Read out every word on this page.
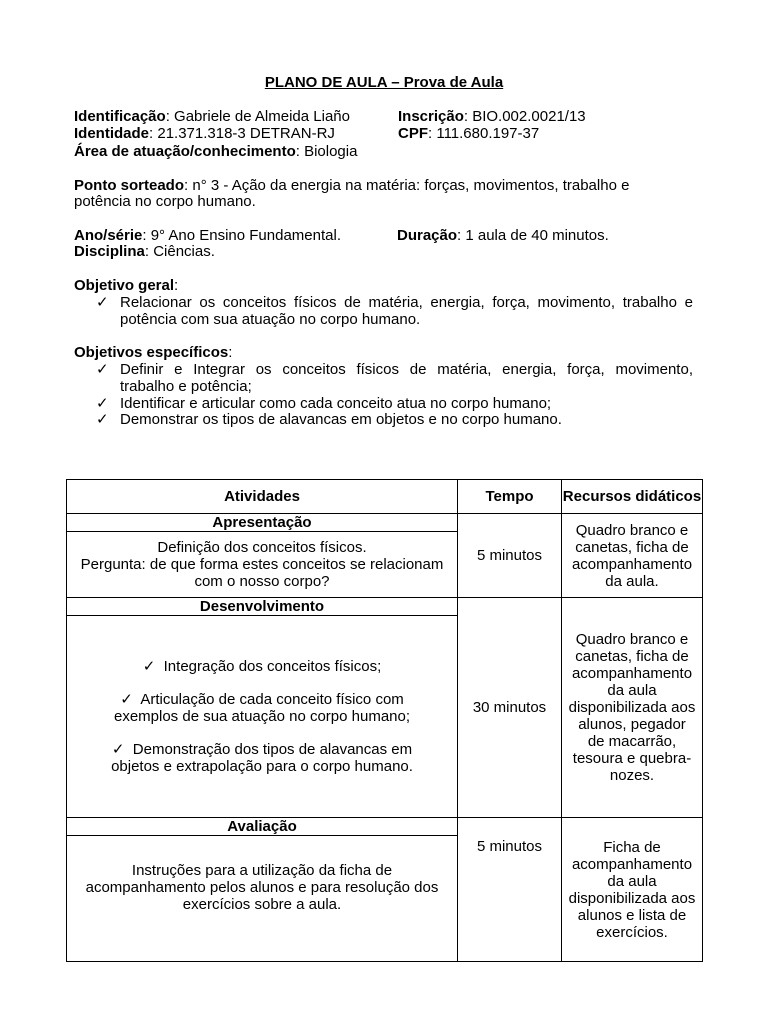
PLANO DE AULA – Prova de Aula
Identificação: Gabriele de Almeida Liaño	Inscrição: BIO.002.0021/13
Identidade: 21.371.318-3 DETRAN-RJ	CPF: 111.680.197-37
Área de atuação/conhecimento: Biologia
Ponto sorteado: n° 3 - Ação da energia na matéria: forças, movimentos, trabalho e
potência no corpo humano.
Ano/série: 9° Ano Ensino Fundamental.	Duração: 1 aula de 40 minutos.
Disciplina: Ciências.
Objetivo geral:
✓ Relacionar os conceitos físicos de matéria, energia, força, movimento, trabalho e
potência com sua atuação no corpo humano.
Objetivos específicos:
✓ Definir e Integrar os conceitos físicos de matéria, energia, força, movimento,
trabalho e potência;
✓ Identificar e articular como cada conceito atua no corpo humano;
✓ Demonstrar os tipos de alavancas em objetos e no corpo humano.
Atividades	Tempo	Recursos didáticos
Apresentação	5 minutos	Quadro branco e canetas, ficha de acompanhamento da aula.

Definição dos conceitos físicos.
Pergunta: de que forma estes conceitos se relacionam com o nosso corpo?		

Desenvolvimento	30 minutos	Quadro branco e canetas, ficha de acompanhamento da aula disponibilizada aos alunos, pegador de macarrão, tesoura e quebra-nozes.

✓ Integração dos conceitos físicos;
✓ Articulação de cada conceito físico com
exemplos de sua atuação no corpo humano;
✓ Demonstração dos tipos de alavancas em
objetos e extrapolação para o corpo humano.		

Avaliação	5 minutos	Ficha de acompanhamento da aula disponibilizada aos alunos e lista de exercícios.
Instruções para a utilização da ficha de acompanhamento pelos alunos e para resolução dos exercícios sobre a aula.		
